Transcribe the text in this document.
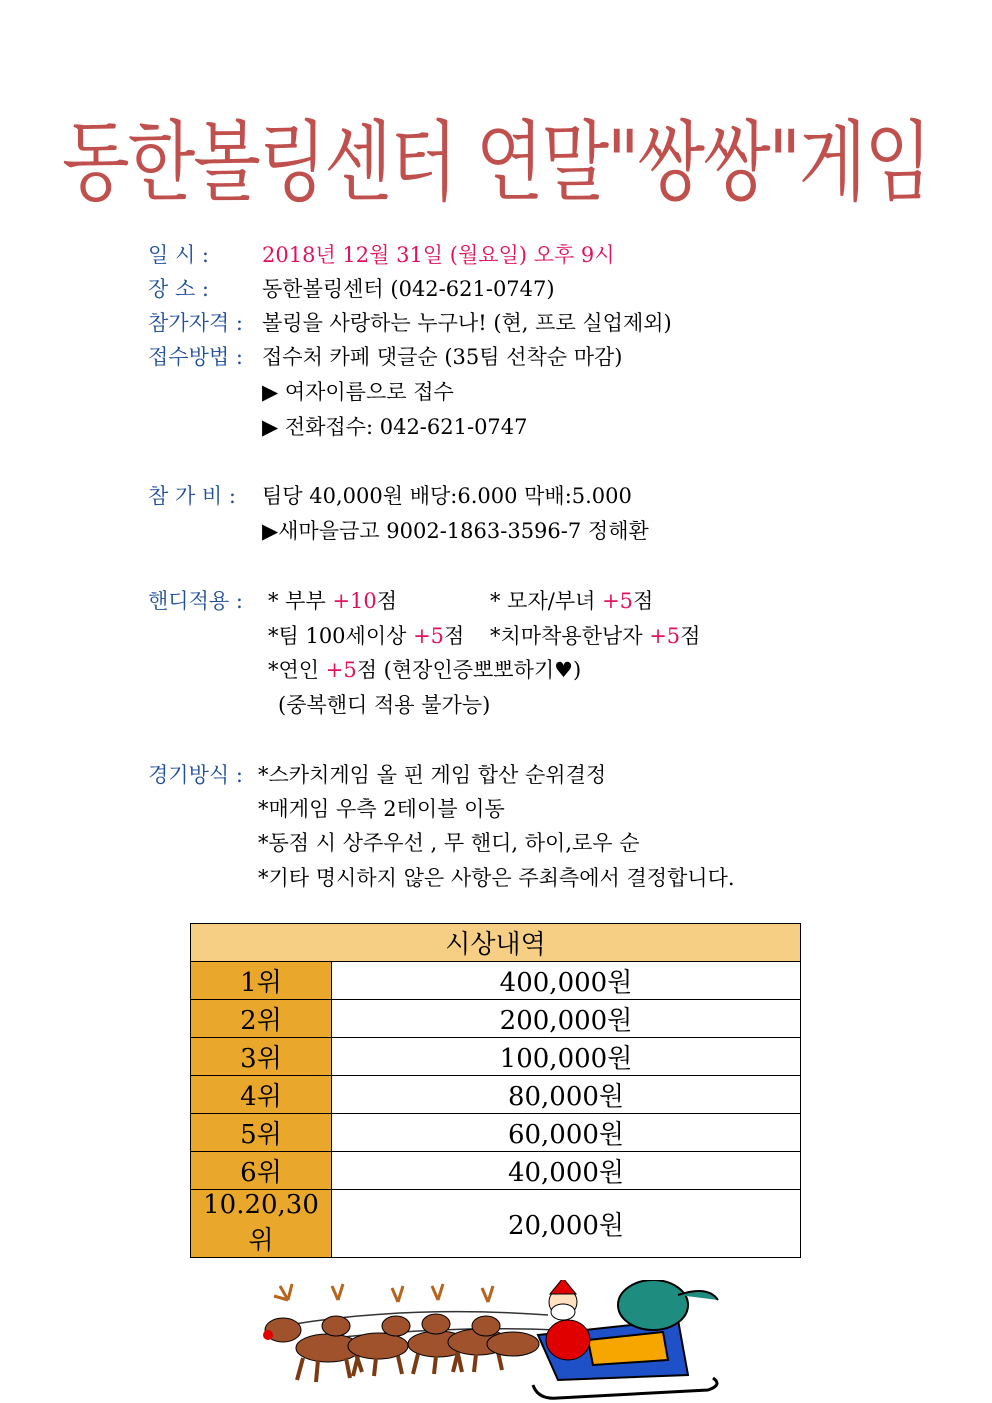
동한볼링센터 연말"쌍쌍"게임
일 시 :	2018년 12월 31일 (월요일) 오후 9시
장 소 :	동한볼링센터 (042-621-0747)
참가자격 : 볼링을 사랑하는 누구나! (현, 프로 실업제외)
접수방법 : 접수처 카페 댓글순 (35팀 선착순 마감)
▶ 여자이름으로 접수
▶ 전화접수: 042-621-0747
참 가 비 : 팀당 40,000원 배당:6.000 막배:5.000
▶새마을금고 9002-1863-3596-7 정해환
핸디적용 : * 부부 +10점	* 모자/부녀 +5점
*팀 100세이상 +5점 *치마착용한남자 +5점
*연인 +5점 (현장인증뽀뽀하기♥)
(중복핸디 적용 불가능)
경기방식 : *스카치게임 올 핀 게임 합산 순위결정
*매게임 우측 2테이블 이동
*동점 시 상주우선 , 무 핸디, 하이,로우 순
*기타 명시하지 않은 사항은 주최측에서 결정합니다.
시상내역	
1위	400,000원
2위	200,000원
3위	100,000원
4위	80,000원
5위	60,000원
6위	40,000원
10.20,30위	20,000원
